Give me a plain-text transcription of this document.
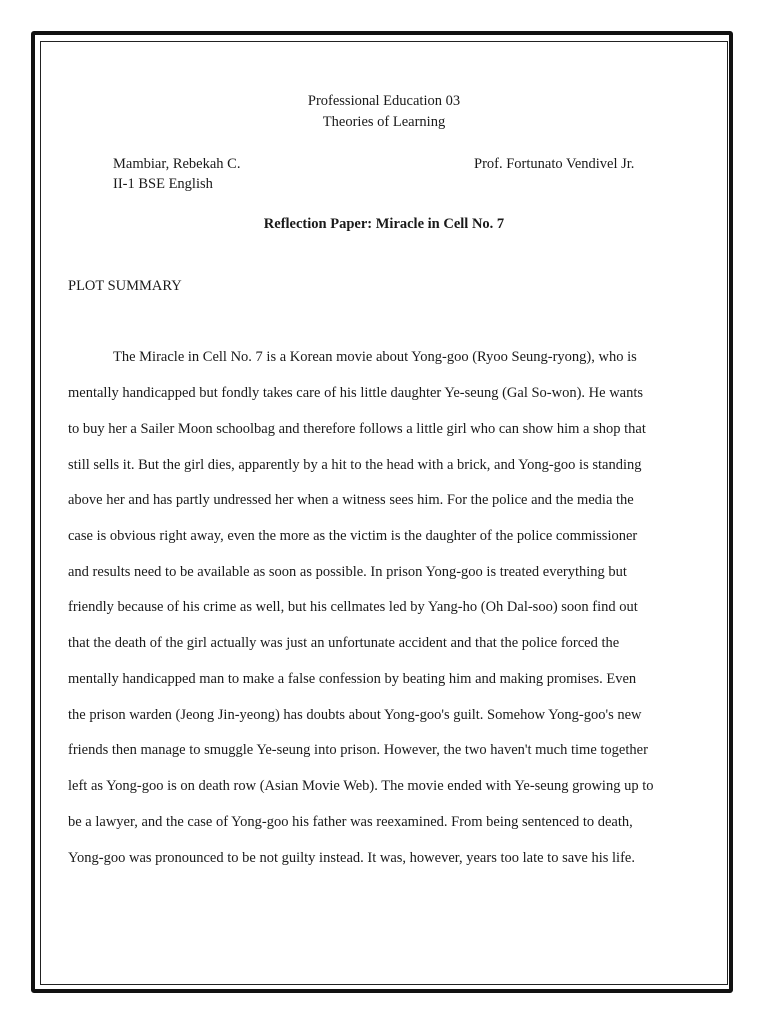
Professional Education 03
Theories of Learning
Mambiar, Rebekah C.	Prof. Fortunato Vendivel Jr.
II-1 BSE English
Reflection Paper: Miracle in Cell No. 7
PLOT SUMMARY
The Miracle in Cell No. 7 is a Korean movie about Yong-goo (Ryoo Seung-ryong), who is
mentally handicapped but fondly takes care of his little daughter Ye-seung (Gal So-won). He wants
to buy her a Sailer Moon schoolbag and therefore follows a little girl who can show him a shop that
still sells it. But the girl dies, apparently by a hit to the head with a brick, and Yong-goo is standing
above her and has partly undressed her when a witness sees him. For the police and the media the
case is obvious right away, even the more as the victim is the daughter of the police commissioner
and results need to be available as soon as possible. In prison Yong-goo is treated everything but
friendly because of his crime as well, but his cellmates led by Yang-ho (Oh Dal-soo) soon find out
that the death of the girl actually was just an unfortunate accident and that the police forced the
mentally handicapped man to make a false confession by beating him and making promises. Even
the prison warden (Jeong Jin-yeong) has doubts about Yong-goo's guilt. Somehow Yong-goo's new
friends then manage to smuggle Ye-seung into prison. However, the two haven't much time together
left as Yong-goo is on death row (Asian Movie Web). The movie ended with Ye-seung growing up to
be a lawyer, and the case of Yong-goo his father was reexamined. From being sentenced to death,
Yong-goo was pronounced to be not guilty instead. It was, however, years too late to save his life.
